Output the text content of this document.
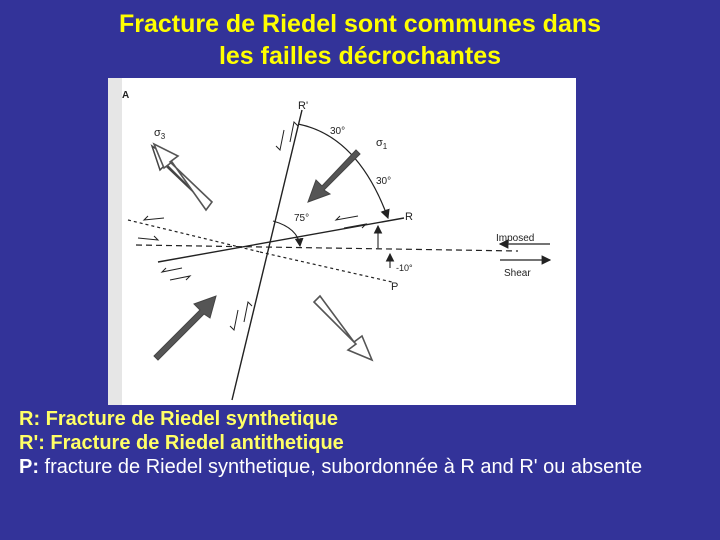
Fracture de Riedel sont communes dans
les failles décrochantes
A
R'
R
P
$\sigma_3$
$\sigma_1$
30°
30°
75°
-10°
Imposed
Shear

R: Fracture de Riedel synthetique

R': Fracture de Riedel antithetique

P: fracture de Riedel synthetique, subordonnée à R and R' ou absente
